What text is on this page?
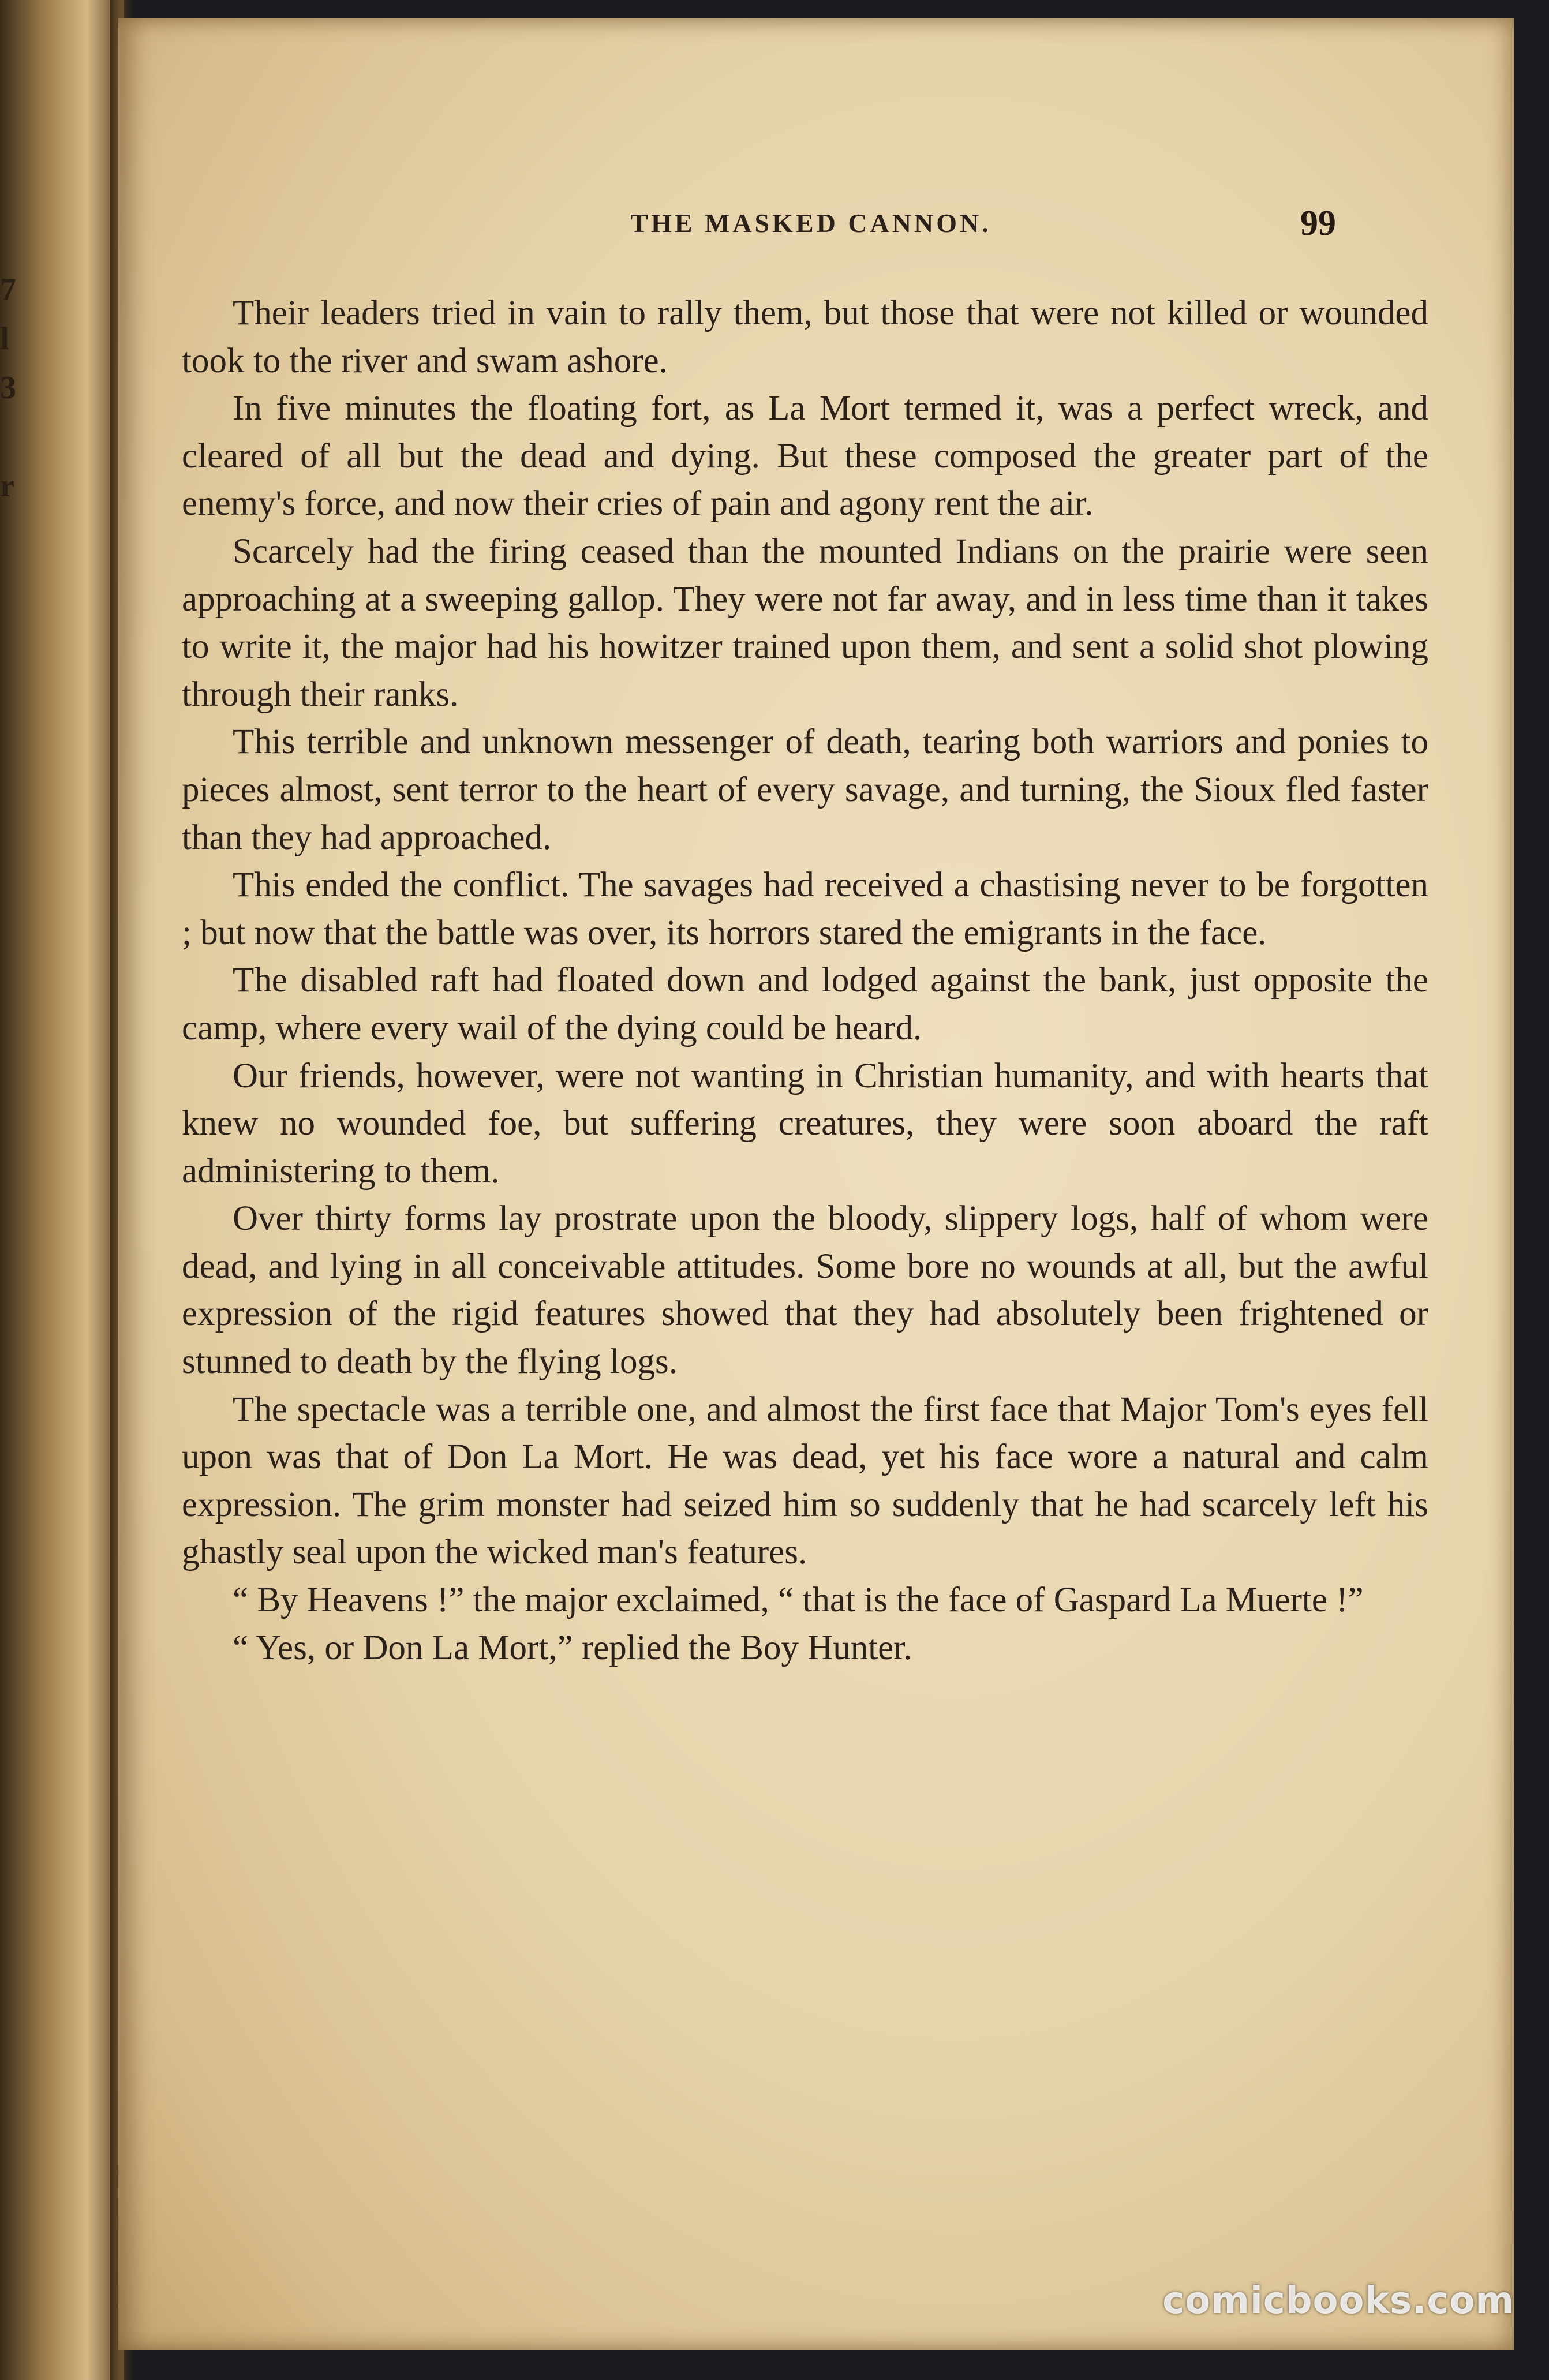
7
l
3
r
THE MASKED CANNON.	99

Their leaders tried in vain to rally them, but those that were not killed or wounded took to the river and swam ashore.

In five minutes the floating fort, as La Mort termed it, was a perfect wreck, and cleared of all but the dead and dying. But these composed the greater part of the enemy's force, and now their cries of pain and agony rent the air.

Scarcely had the firing ceased than the mounted Indians on the prairie were seen approaching at a sweeping gallop. They were not far away, and in less time than it takes to write it, the major had his howitzer trained upon them, and sent a solid shot plowing through their ranks.

This terrible and unknown messenger of death, tearing both warriors and ponies to pieces almost, sent terror to the heart of every savage, and turning, the Sioux fled faster than they had approached.

This ended the conflict. The savages had received a chastising never to be forgotten ; but now that the battle was over, its horrors stared the emigrants in the face.

The disabled raft had floated down and lodged against the bank, just opposite the camp, where every wail of the dying could be heard.

Our friends, however, were not wanting in Christian humanity, and with hearts that knew no wounded foe, but suffering creatures, they were soon aboard the raft administering to them.

Over thirty forms lay prostrate upon the bloody, slippery logs, half of whom were dead, and lying in all conceivable attitudes. Some bore no wounds at all, but the awful expression of the rigid features showed that they had absolutely been frightened or stunned to death by the flying logs.

The spectacle was a terrible one, and almost the first face that Major Tom's eyes fell upon was that of Don La Mort. He was dead, yet his face wore a natural and calm expression. The grim monster had seized him so suddenly that he had scarcely left his ghastly seal upon the wicked man's features.

“ By Heavens !” the major exclaimed, “ that is the face of Gaspard La Muerte !”

“ Yes, or Don La Mort,” replied the Boy Hunter.

comicbooks.com
